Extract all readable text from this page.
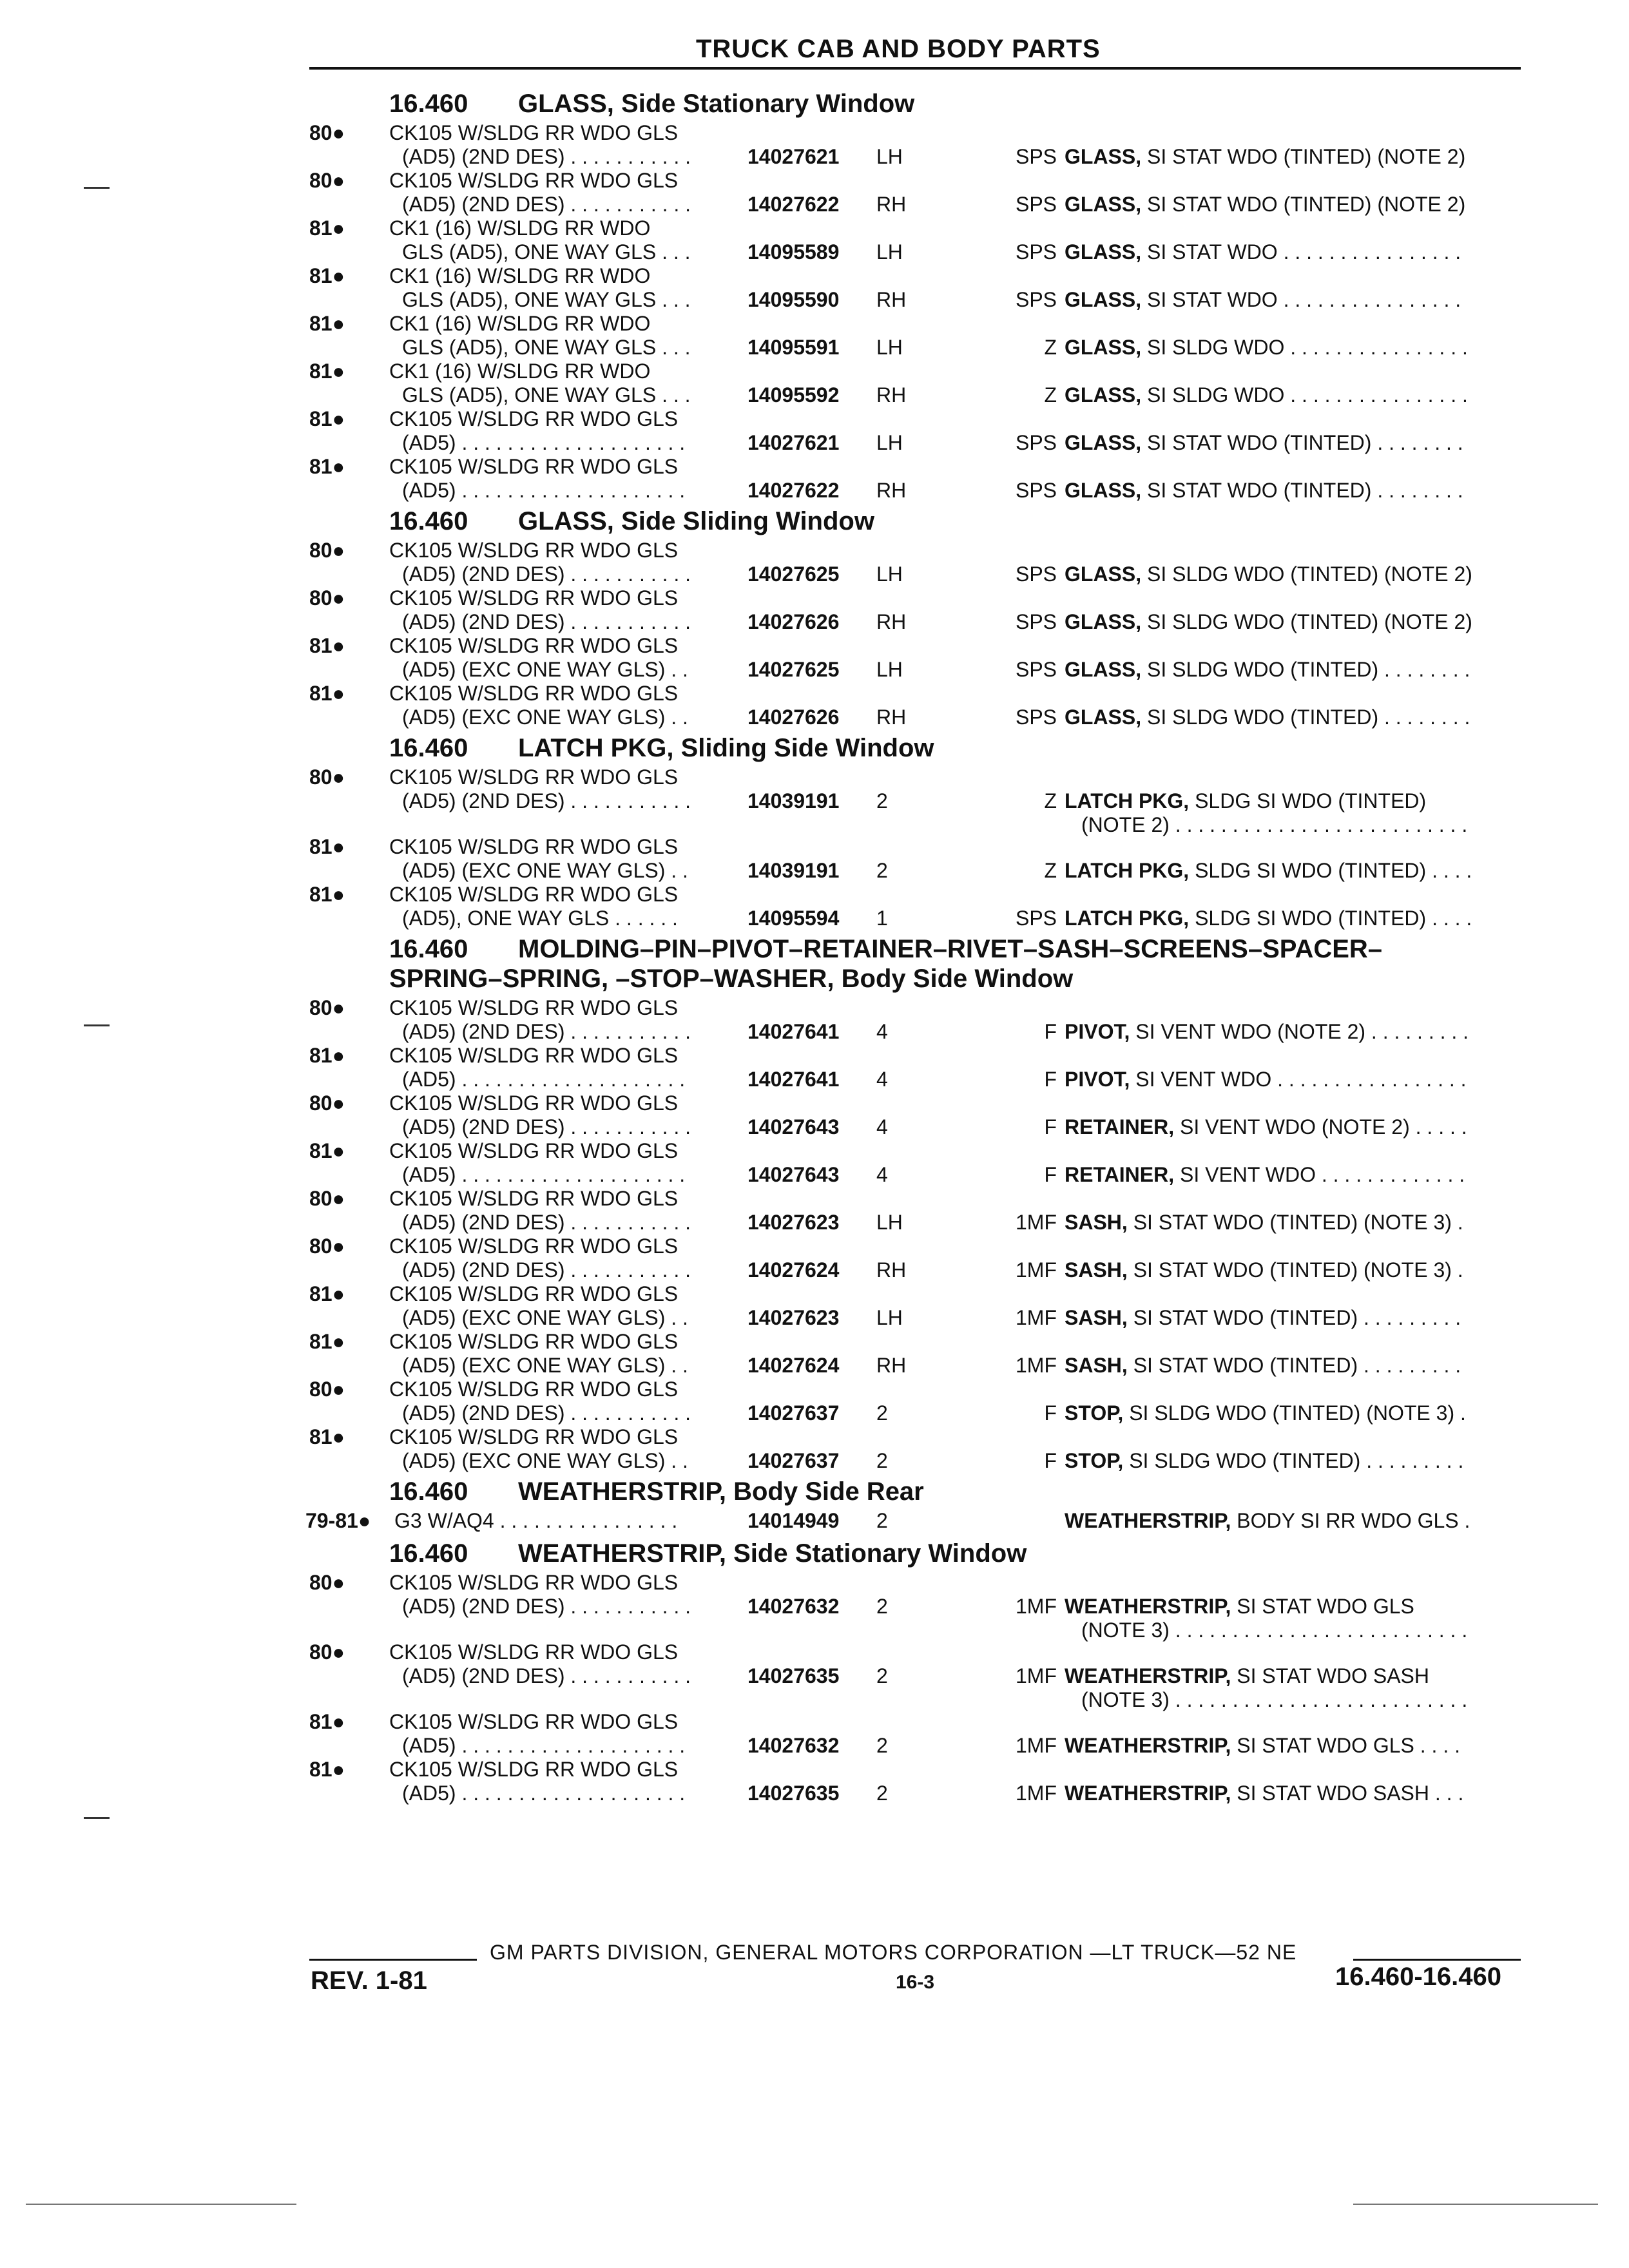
TRUCK CAB AND BODY PARTS
16.460 GLASS, Side Stationary Window
80● CK105 W/SLDG RR WDO GLS
(AD5) (2ND DES) . . . . . . . . . . .	14027621 LH	SPS GLASS, SI STAT WDO (TINTED) (NOTE 2)
80● CK105 W/SLDG RR WDO GLS
(AD5) (2ND DES) . . . . . . . . . . .	14027622 RH	SPS GLASS, SI STAT WDO (TINTED) (NOTE 2)
81● CK1 (16) W/SLDG RR WDO
GLS (AD5), ONE WAY GLS . . .	14095589 LH	SPS GLASS, SI STAT WDO . . . . . . . . . . . . . . . .
81● CK1 (16) W/SLDG RR WDO
GLS (AD5), ONE WAY GLS . . .	14095590 RH	SPS GLASS, SI STAT WDO . . . . . . . . . . . . . . . .
81● CK1 (16) W/SLDG RR WDO
GLS (AD5), ONE WAY GLS . . .	14095591 LH	Z GLASS, SI SLDG WDO . . . . . . . . . . . . . . . .
81● CK1 (16) W/SLDG RR WDO
GLS (AD5), ONE WAY GLS . . .	14095592 RH	Z GLASS, SI SLDG WDO . . . . . . . . . . . . . . . .
81● CK105 W/SLDG RR WDO GLS
(AD5) . . . . . . . . . . . . . . . . . . . .	14027621 LH	SPS GLASS, SI STAT WDO (TINTED) . . . . . . . .
81● CK105 W/SLDG RR WDO GLS
(AD5) . . . . . . . . . . . . . . . . . . . .	14027622 RH	SPS GLASS, SI STAT WDO (TINTED) . . . . . . . .
16.460 GLASS, Side Sliding Window
80● CK105 W/SLDG RR WDO GLS
(AD5) (2ND DES) . . . . . . . . . . .	14027625 LH	SPS GLASS, SI SLDG WDO (TINTED) (NOTE 2)
80● CK105 W/SLDG RR WDO GLS
(AD5) (2ND DES) . . . . . . . . . . .	14027626 RH	SPS GLASS, SI SLDG WDO (TINTED) (NOTE 2)
81● CK105 W/SLDG RR WDO GLS
(AD5) (EXC ONE WAY GLS) . .	14027625 LH	SPS GLASS, SI SLDG WDO (TINTED) . . . . . . . .
81● CK105 W/SLDG RR WDO GLS
(AD5) (EXC ONE WAY GLS) . .	14027626 RH	SPS GLASS, SI SLDG WDO (TINTED) . . . . . . . .
16.460 LATCH PKG, Sliding Side Window
80● CK105 W/SLDG RR WDO GLS
(AD5) (2ND DES) . . . . . . . . . . .	14039191 2	Z LATCH PKG, SLDG SI WDO (TINTED)
(NOTE 2) . . . . . . . . . . . . . . . . . . . . . . . . . .
81● CK105 W/SLDG RR WDO GLS
(AD5) (EXC ONE WAY GLS) . .	14039191 2	Z LATCH PKG, SLDG SI WDO (TINTED) . . . .
81● CK105 W/SLDG RR WDO GLS
(AD5), ONE WAY GLS . . . . . .	14095594 1	SPS LATCH PKG, SLDG SI WDO (TINTED) . . . .
16.460 MOLDING–PIN–PIVOT–RETAINER–RIVET–SASH–SCREENS–SPACER–
SPRING–SPRING, –STOP–WASHER, Body Side Window
80● CK105 W/SLDG RR WDO GLS
(AD5) (2ND DES) . . . . . . . . . . .	14027641 4	F PIVOT, SI VENT WDO (NOTE 2) . . . . . . . . .
81● CK105 W/SLDG RR WDO GLS
(AD5) . . . . . . . . . . . . . . . . . . . .	14027641 4	F PIVOT, SI VENT WDO . . . . . . . . . . . . . . . . .
80● CK105 W/SLDG RR WDO GLS
(AD5) (2ND DES) . . . . . . . . . . .	14027643 4	F RETAINER, SI VENT WDO (NOTE 2) . . . . .
81● CK105 W/SLDG RR WDO GLS
(AD5) . . . . . . . . . . . . . . . . . . . .	14027643 4	F RETAINER, SI VENT WDO . . . . . . . . . . . . .
80● CK105 W/SLDG RR WDO GLS
(AD5) (2ND DES) . . . . . . . . . . .	14027623 LH	1MF SASH, SI STAT WDO (TINTED) (NOTE 3) .
80● CK105 W/SLDG RR WDO GLS
(AD5) (2ND DES) . . . . . . . . . . .	14027624 RH	1MF SASH, SI STAT WDO (TINTED) (NOTE 3) .
81● CK105 W/SLDG RR WDO GLS
(AD5) (EXC ONE WAY GLS) . .	14027623 LH	1MF SASH, SI STAT WDO (TINTED) . . . . . . . . .
81● CK105 W/SLDG RR WDO GLS
(AD5) (EXC ONE WAY GLS) . .	14027624 RH	1MF SASH, SI STAT WDO (TINTED) . . . . . . . . .
80● CK105 W/SLDG RR WDO GLS
(AD5) (2ND DES) . . . . . . . . . . .	14027637 2	F STOP, SI SLDG WDO (TINTED) (NOTE 3) .
81● CK105 W/SLDG RR WDO GLS
(AD5) (EXC ONE WAY GLS) . .	14027637 2	F STOP, SI SLDG WDO (TINTED) . . . . . . . . .
16.460 WEATHERSTRIP, Body Side Rear
79-81● G3 W/AQ4 . . . . . . . . . . . . . . . .	14014949 2	WEATHERSTRIP, BODY SI RR WDO GLS .
16.460 WEATHERSTRIP, Side Stationary Window
80● CK105 W/SLDG RR WDO GLS
(AD5) (2ND DES) . . . . . . . . . . .	14027632 2	1MF WEATHERSTRIP, SI STAT WDO GLS
(NOTE 3) . . . . . . . . . . . . . . . . . . . . . . . . . .
80● CK105 W/SLDG RR WDO GLS
(AD5) (2ND DES) . . . . . . . . . . .	14027635 2	1MF WEATHERSTRIP, SI STAT WDO SASH
(NOTE 3) . . . . . . . . . . . . . . . . . . . . . . . . . .
81● CK105 W/SLDG RR WDO GLS
(AD5) . . . . . . . . . . . . . . . . . . . .	14027632 2	1MF WEATHERSTRIP, SI STAT WDO GLS . . . .
81● CK105 W/SLDG RR WDO GLS
(AD5) . . . . . . . . . . . . . . . . . . . .	14027635 2	1MF WEATHERSTRIP, SI STAT WDO SASH . . .
GM PARTS DIVISION, GENERAL MOTORS CORPORATION —LT TRUCK—52 NE
REV. 1-81	16-3	16.460-16.460
